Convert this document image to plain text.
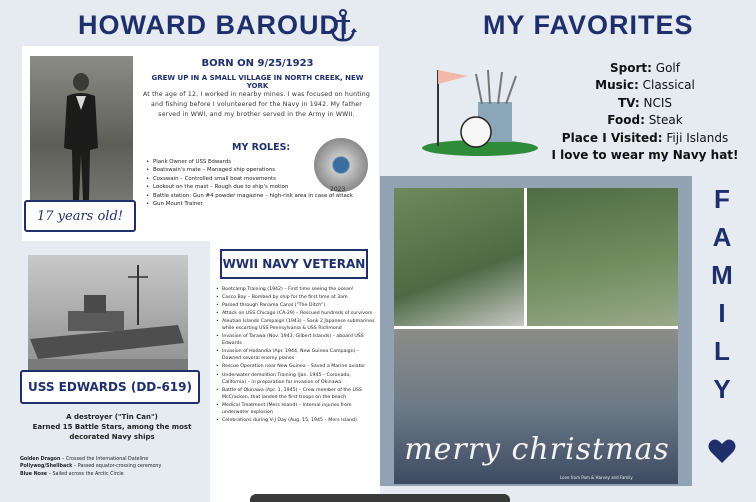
HOWARD BAROUDI	MY FAVORITES
17 years old!
BORN ON 9/25/1923
GREW UP IN A SMALL VILLAGE IN NORTH CREEK, NEW YORK
At the age of 12, I worked in nearby mines. I was focused on hunting and fishing before I volunteered for the Navy in 1942. My father served in WWI, and my brother served in the Army in WWII.
MY ROLES:
• Plank Owner of USS Edwards
• Boatswain's mate – Managed ship operations
• Coxswain – Controlled small boat movements
• Lookout on the mast – Rough due to ship's motion
• Battle station: Gun #4 powder magazine – high-risk area in case of attack
• Gun Mount Trainer
2023
USS EDWARDS (DD-619)
A destroyer ("Tin Can")
Earned 15 Battle Stars, among the most decorated Navy ships
Golden Dragon – Crossed the International Dateline
Pollywog/Shellback – Passed equator-crossing ceremony
Blue Nose – Sailed across the Arctic Circle
WWII NAVY VETERAN
• Bootcamp Training (1942) – First time seeing the ocean!
• Casco Bay – Bombed by ship for the first time at 3am
• Passed through Panama Canal ("The Ditch")
• Attack on USS Chicago (CA-29) – Rescued hundreds of survivors
• Aleutian Islands Campaign (1943) – Sank 2 Japanese submarines while escorting USS Pennsylvania & USS Richmond
• Invasion of Tarawa (Nov. 1943, Gilbert Islands) – aboard USS Edwards
• Invasion of Hollandia (Apr. 1944, New Guinea Campaign) – Downed several enemy planes
• Rescue Operation near New Guinea – Saved a Marine aviator
• Underwater demolition Training (Jan. 1945 – Coronado, California) – in preparation for invasion of Okinawa
• Battle of Okinawa (Apr. 1, 1945) – Crew member of the USS McCracken, that landed the first troops on the beach
• Medical Treatment (Mers Island) – Internal injuries from underwater explosion
• Celebrations during V-J Day (Aug. 15, 1945 – Mers Island)
Sport: Golf
Music: Classical
TV: NCIS
Food: Steak
Place I Visited: Fiji Islands
I love to wear my Navy hat!
merry christmas
Love from Pam & Harvey and Family
F
A
M
I
L
Y
